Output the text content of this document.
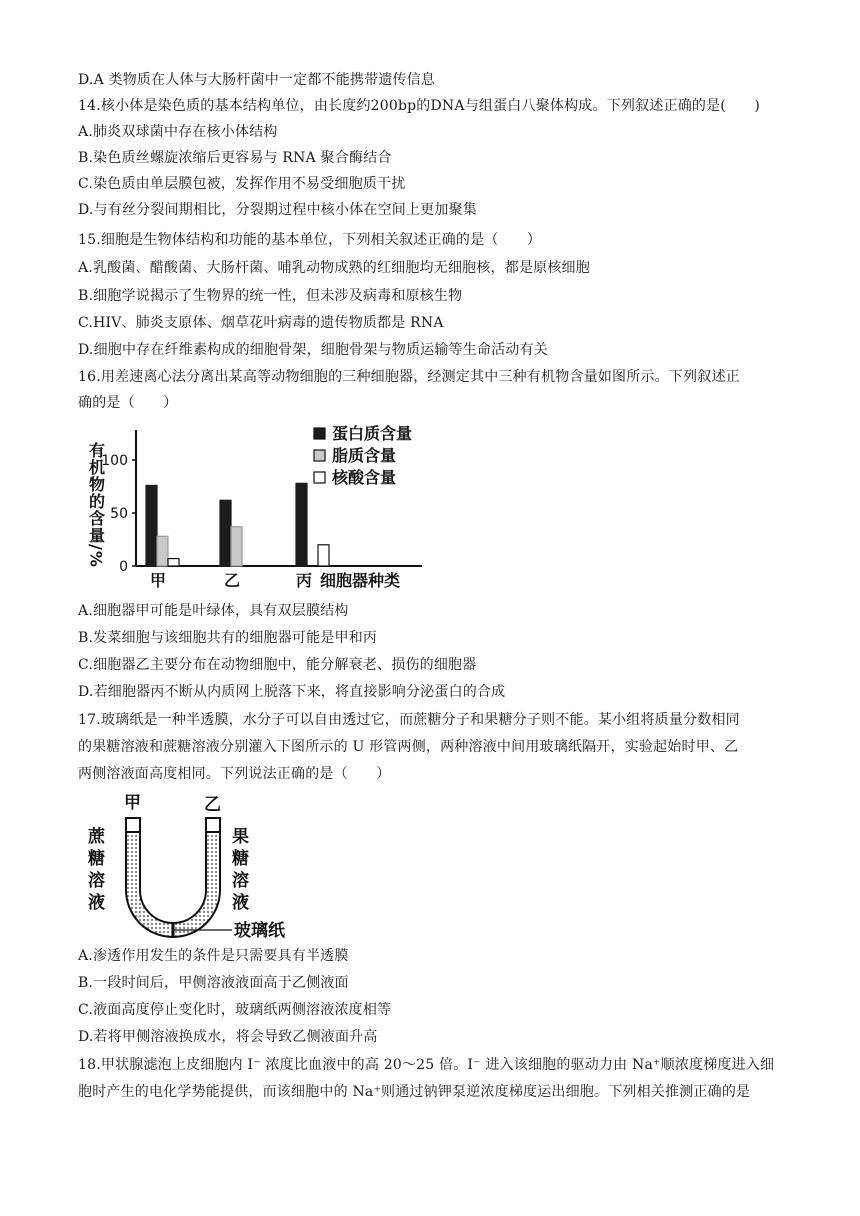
D.A 类物质在人体与大肠杆菌中一定都不能携带遗传信息
14.核小体是染色质的基本结构单位，由长度约200bp的DNA与组蛋白八聚体构成。下列叙述正确的是(　　)
A.肺炎双球菌中存在核小体结构
B.染色质丝螺旋浓缩后更容易与 RNA 聚合酶结合
C.染色质由单层膜包被，发挥作用不易受细胞质干扰
D.与有丝分裂间期相比，分裂期过程中核小体在空间上更加聚集
15.细胞是生物体结构和功能的基本单位，下列相关叙述正确的是（　　）
A.乳酸菌、醋酸菌、大肠杆菌、哺乳动物成熟的红细胞均无细胞核，都是原核细胞
B.细胞学说揭示了生物界的统一性，但未涉及病毒和原核生物
C.HIV、肺炎支原体、烟草花叶病毒的遗传物质都是 RNA
D.细胞中存在纤维素构成的细胞骨架，细胞骨架与物质运输等生命活动有关
16.用差速离心法分离出某高等动物细胞的三种细胞器，经测定其中三种有机物含量如图所示。下列叙述正
确的是（　　）
0
50
100
有机物的含量/%
细胞器种类
甲	乙	丙
蛋白质含量
脂质含量
核酸含量
A.细胞器甲可能是叶绿体，具有双层膜结构
B.发菜细胞与该细胞共有的细胞器可能是甲和丙
C.细胞器乙主要分布在动物细胞中，能分解衰老、损伤的细胞器
D.若细胞器丙不断从内质网上脱落下来，将直接影响分泌蛋白的合成
17.玻璃纸是一种半透膜，水分子可以自由透过它，而蔗糖分子和果糖分子则不能。某小组将质量分数相同
的果糖溶液和蔗糖溶液分别灌入下图所示的 U 形管两侧，两种溶液中间用玻璃纸隔开，实验起始时甲、乙
两侧溶液面高度相同。下列说法正确的是（　　）
甲	乙
蔗
糖
溶
液
果
糖
溶
液
玻璃纸
A.渗透作用发生的条件是只需要具有半透膜
B.一段时间后，甲侧溶液液面高于乙侧液面
C.液面高度停止变化时，玻璃纸两侧溶液浓度相等
D.若将甲侧溶液换成水，将会导致乙侧液面升高
18.甲状腺滤泡上皮细胞内 I⁻ 浓度比血液中的高 20～25 倍。I⁻ 进入该细胞的驱动力由 Na⁺顺浓度梯度进入细
胞时产生的电化学势能提供，而该细胞中的 Na⁺则通过钠钾泵逆浓度梯度运出细胞。下列相关推测正确的是
